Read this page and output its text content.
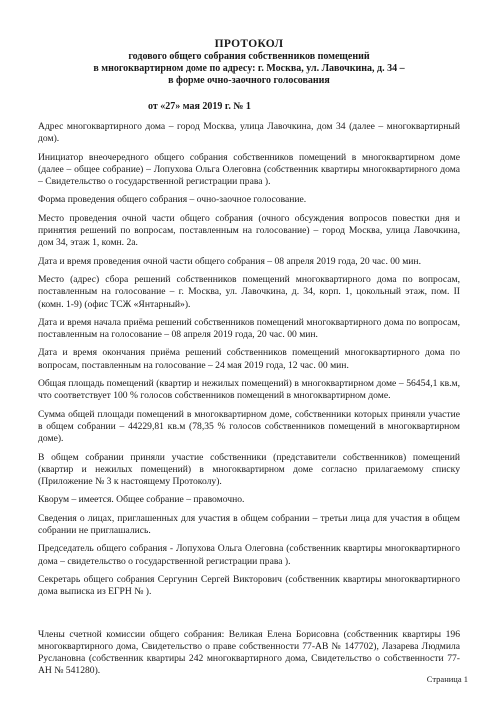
ПРОТОКОЛ
годового общего собрания собственников помещений
в многоквартирном доме по адресу: г. Москва, ул. Лавочкина, д. 34 –
в форме очно-заочного голосования
от «27» мая 2019 г. № 1

Адрес многоквартирного дома – город Москва, улица Лавочкина, дом 34 (далее – многоквартирный дом).

Инициатор внеочередного общего собрания собственников помещений в многоквартирном доме (далее – общее собрание) – Лопухова Ольга Олеговна (собственник квартиры многоквартирного дома – Свидетельство о государственной регистрации права ).

Форма проведения общего собрания – очно-заочное голосование.

Место проведения очной части общего собрания (очного обсуждения вопросов повестки дня и принятия решений по вопросам, поставленным на голосование) – город Москва, улица Лавочкина, дом 34, этаж 1, комн. 2а.

Дата и время проведения очной части общего собрания – 08 апреля 2019 года, 20 час. 00 мин.

Место (адрес) сбора решений собственников помещений многоквартирного дома по вопросам, поставленным на голосование – г. Москва, ул. Лавочкина, д. 34, корп. 1, цокольный этаж, пом. II (комн. 1-9) (офис ТСЖ «Янтарный»).

Дата и время начала приёма решений собственников помещений многоквартирного дома по вопросам, поставленным на голосование – 08 апреля 2019 года, 20 час. 00 мин.

Дата и время окончания приёма решений собственников помещений многоквартирного дома по вопросам, поставленным на голосование – 24 мая 2019 года, 12 час. 00 мин.

Общая площадь помещений (квартир и нежилых помещений) в многоквартирном доме – 56454,1 кв.м, что соответствует 100 % голосов собственников помещений в многоквартирном доме.

Сумма общей площади помещений в многоквартирном доме, собственники которых приняли участие в общем собрании – 44229,81 кв.м (78,35 % голосов собственников помещений в многоквартирном доме).

В общем собрании приняли участие собственники (представители собственников) помещений (квартир и нежилых помещений) в многоквартирном доме согласно прилагаемому списку (Приложение № 3 к настоящему Протоколу).

Кворум – имеется. Общее собрание – правомочно.

Сведения о лицах, приглашенных для участия в общем собрании – третьи лица для участия в общем собрании не приглашались.

Председатель общего собрания - Лопухова Ольга Олеговна (собственник квартиры многоквартирного дома – свидетельство о государственной регистрации права ).

Секретарь общего собрания Сергунин Сергей Викторович (собственник квартиры многоквартирного дома выписка из ЕГРН № ).

Члены счетной комиссии общего собрания: Великая Елена Борисовна (собственник квартиры 196 многоквартирного дома, Свидетельство о праве собственности 77-АВ № 147702), Лазарева Людмила Руслановна (собственник квартиры 242 многоквартирного дома, Свидетельство о собственности 77-АН № 541280).

Страница 1
